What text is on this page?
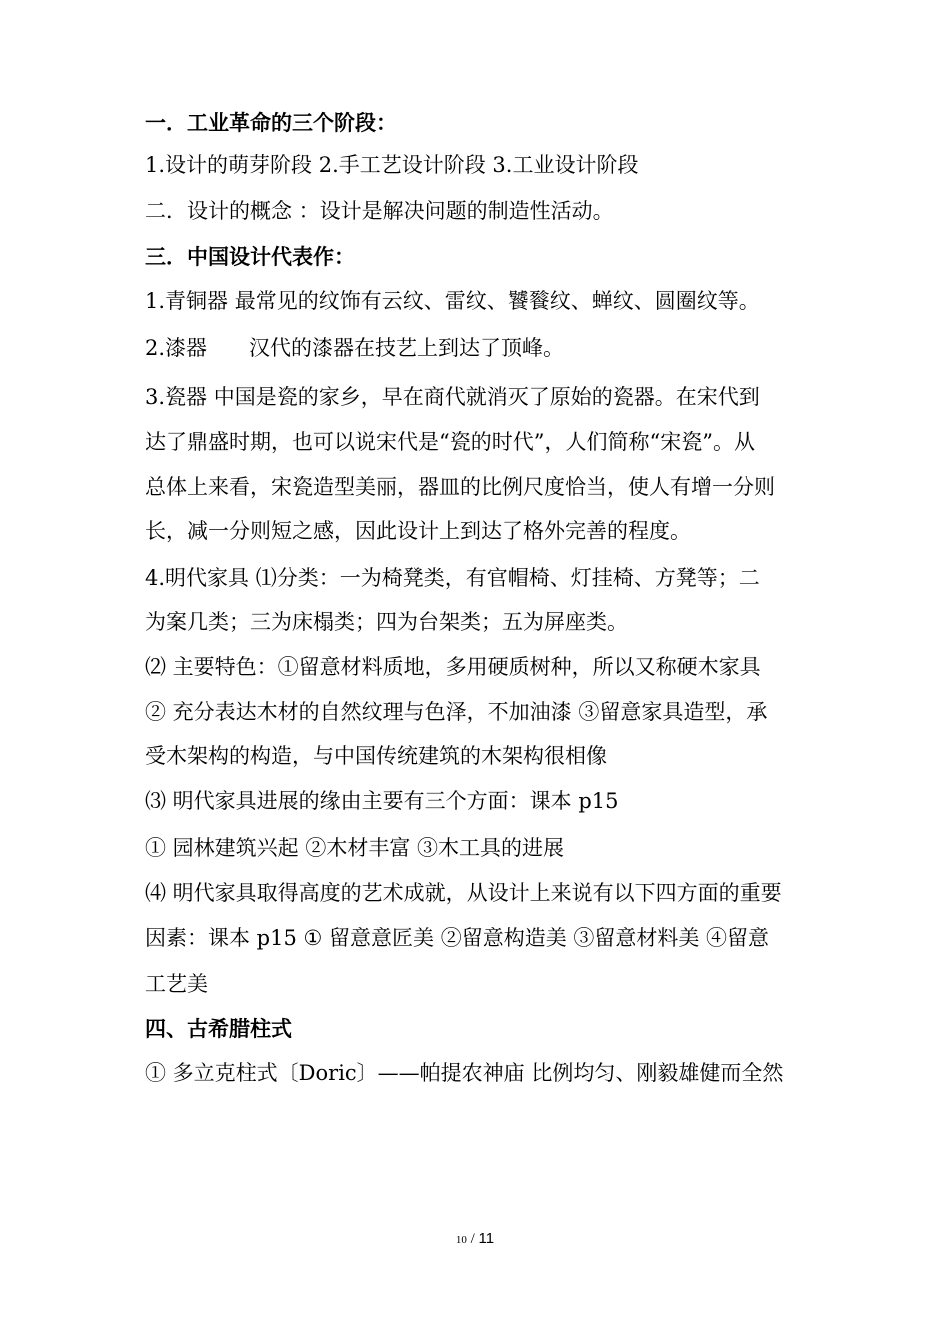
一．工业革命的三个阶段：
1.设计的萌芽阶段 2.手工艺设计阶段 3.工业设计阶段
二．设计的概念 ：设计是解决问题的制造性活动。
三．中国设计代表作：
1.青铜器 最常见的纹饰有云纹、雷纹、饕餮纹、蝉纹、圆圈纹等。
2.漆器　　汉代的漆器在技艺上到达了顶峰。
3.瓷器 中国是瓷的家乡，早在商代就消灭了原始的瓷器。在宋代到
达了鼎盛时期，也可以说宋代是“瓷的时代”，人们简称“宋瓷”。从
总体上来看，宋瓷造型美丽，器皿的比例尺度恰当，使人有增一分则
长，减一分则短之感，因此设计上到达了格外完善的程度。
4.明代家具 ⑴分类：一为椅凳类，有官帽椅、灯挂椅、方凳等；二
为案几类；三为床榻类；四为台架类；五为屏座类。
⑵ 主要特色：①留意材料质地，多用硬质树种，所以又称硬木家具
② 充分表达木材的自然纹理与色泽，不加油漆 ③留意家具造型，承
受木架构的构造，与中国传统建筑的木架构很相像
⑶ 明代家具进展的缘由主要有三个方面：课本 p15
① 园林建筑兴起 ②木材丰富 ③木工具的进展
⑷ 明代家具取得高度的艺术成就，从设计上来说有以下四方面的重要
因素：课本 p15 ① 留意意匠美 ②留意构造美 ③留意材料美 ④留意
工艺美
四、古希腊柱式
① 多立克柱式〔Doric〕——帕提农神庙 比例均匀、刚毅雄健而全然
10 / 11
